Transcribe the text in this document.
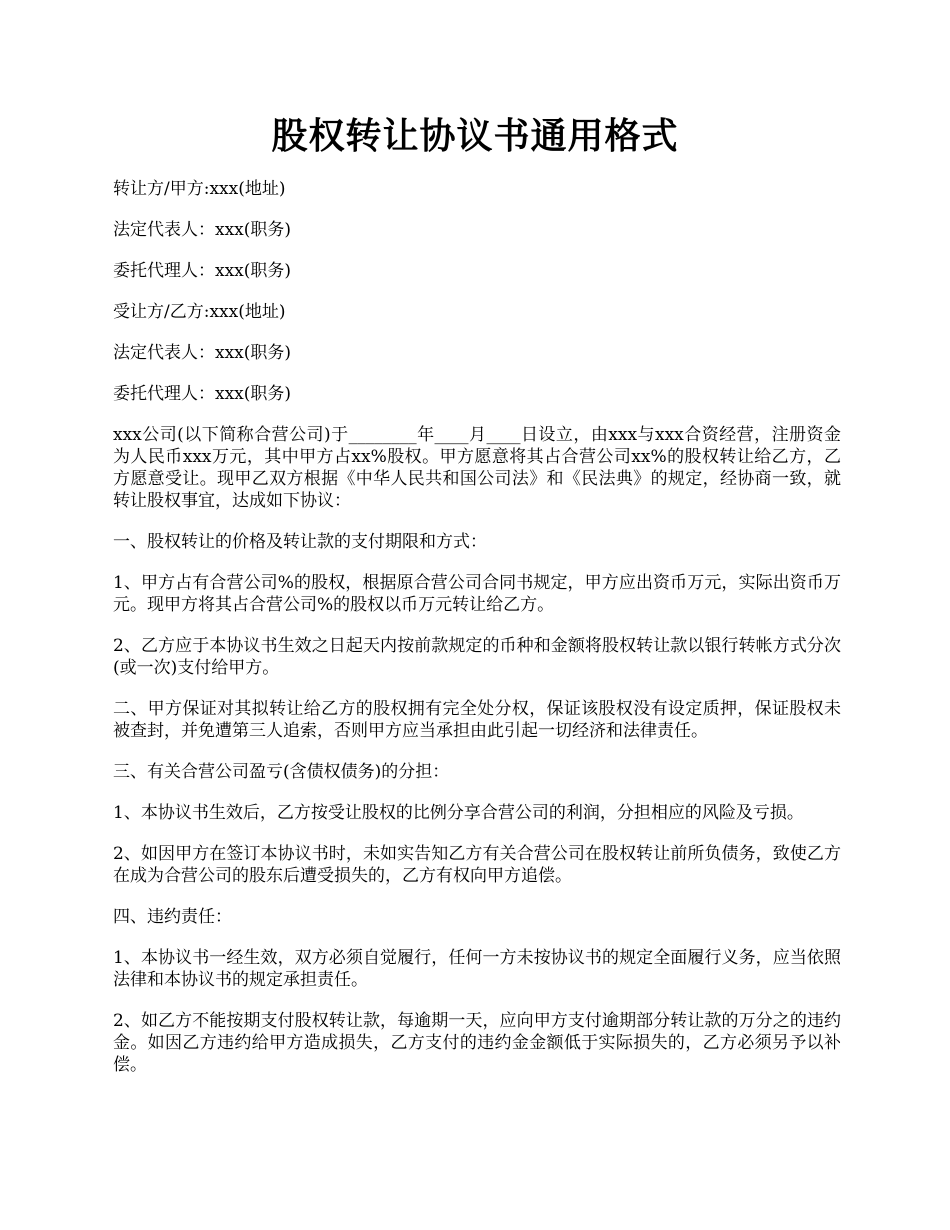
股权转让协议书通用格式

转让方/甲方:xxx(地址)

法定代表人：xxx(职务)

委托代理人：xxx(职务)

受让方/乙方:xxx(地址)

法定代表人：xxx(职务)

委托代理人：xxx(职务)

xxx公司(以下简称合营公司)于________年____月____日设立，由xxx与xxx合资经营，注册资金为人民币xxx万元，其中甲方占xx%股权。甲方愿意将其占合营公司xx%的股权转让给乙方，乙方愿意受让。现甲乙双方根据《中华人民共和国公司法》和《民法典》的规定，经协商一致，就转让股权事宜，达成如下协议：

一、股权转让的价格及转让款的支付期限和方式：

1、甲方占有合营公司%的股权，根据原合营公司合同书规定，甲方应出资币万元，实际出资币万元。现甲方将其占合营公司%的股权以币万元转让给乙方。

2、乙方应于本协议书生效之日起天内按前款规定的币种和金额将股权转让款以银行转帐方式分次(或一次)支付给甲方。

二、甲方保证对其拟转让给乙方的股权拥有完全处分权，保证该股权没有设定质押，保证股权未被查封，并免遭第三人追索，否则甲方应当承担由此引起一切经济和法律责任。

三、有关合营公司盈亏(含债权债务)的分担：

1、本协议书生效后，乙方按受让股权的比例分享合营公司的利润，分担相应的风险及亏损。

2、如因甲方在签订本协议书时，未如实告知乙方有关合营公司在股权转让前所负债务，致使乙方在成为合营公司的股东后遭受损失的，乙方有权向甲方追偿。

四、违约责任：

1、本协议书一经生效，双方必须自觉履行，任何一方未按协议书的规定全面履行义务，应当依照法律和本协议书的规定承担责任。

2、如乙方不能按期支付股权转让款，每逾期一天，应向甲方支付逾期部分转让款的万分之的违约金。如因乙方违约给甲方造成损失，乙方支付的违约金金额低于实际损失的，乙方必须另予以补偿。
